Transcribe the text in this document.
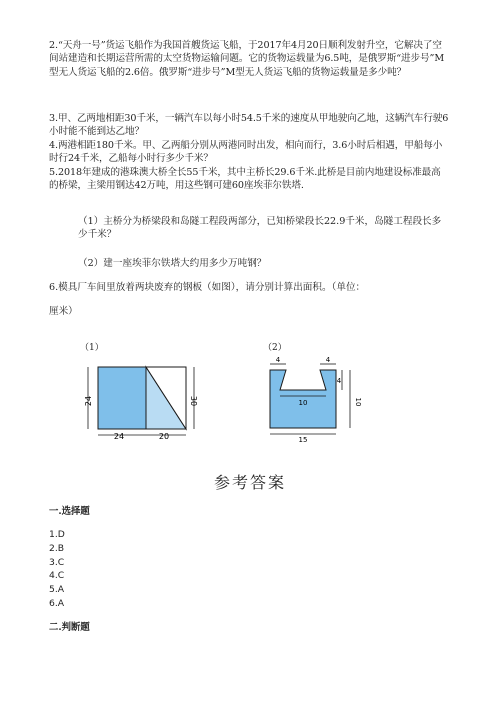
2.“天舟一号”货运飞船作为我国首艘货运飞船，于2017年4月20日顺利发射升空，它解决了空间站建造和长期运营所需的太空货物运输问题。它的货物运载量为6.5吨，是俄罗斯“进步号”M型无人货运飞船的2.6倍。俄罗斯“进步号”M型无人货运飞船的货物运载量是多少吨？
3.甲、乙两地相距30千米，一辆汽车以每小时54.5千米的速度从甲地驶向乙地，这辆汽车行驶6小时能不能到达乙地？
4.两港相距180千米。甲、乙两船分别从两港同时出发，相向而行，3.6小时后相遇，甲船每小时行24千米，乙船每小时行多少千米？
5.2018年建成的港珠澳大桥全长55千米，其中主桥长29.6千米.此桥是目前内地建设标准最高的桥梁，主梁用钢达42万吨，用这些钢可建60座埃菲尔铁塔.
（1）主桥分为桥梁段和岛隧工程段两部分，已知桥梁段长22.9千米，岛隧工程段长多少千米？
（2）建一座埃菲尔铁塔大约用多少万吨钢？
6.模具厂车间里放着两块废弃的钢板（如图），请分别计算出面积。（单位：
厘米）
（1）
24	30
24	20
（2）
4	4
4
10	10
15
参考答案
一.选择题
1.D
2.B
3.C
4.C
5.A
6.A
二.判断题
